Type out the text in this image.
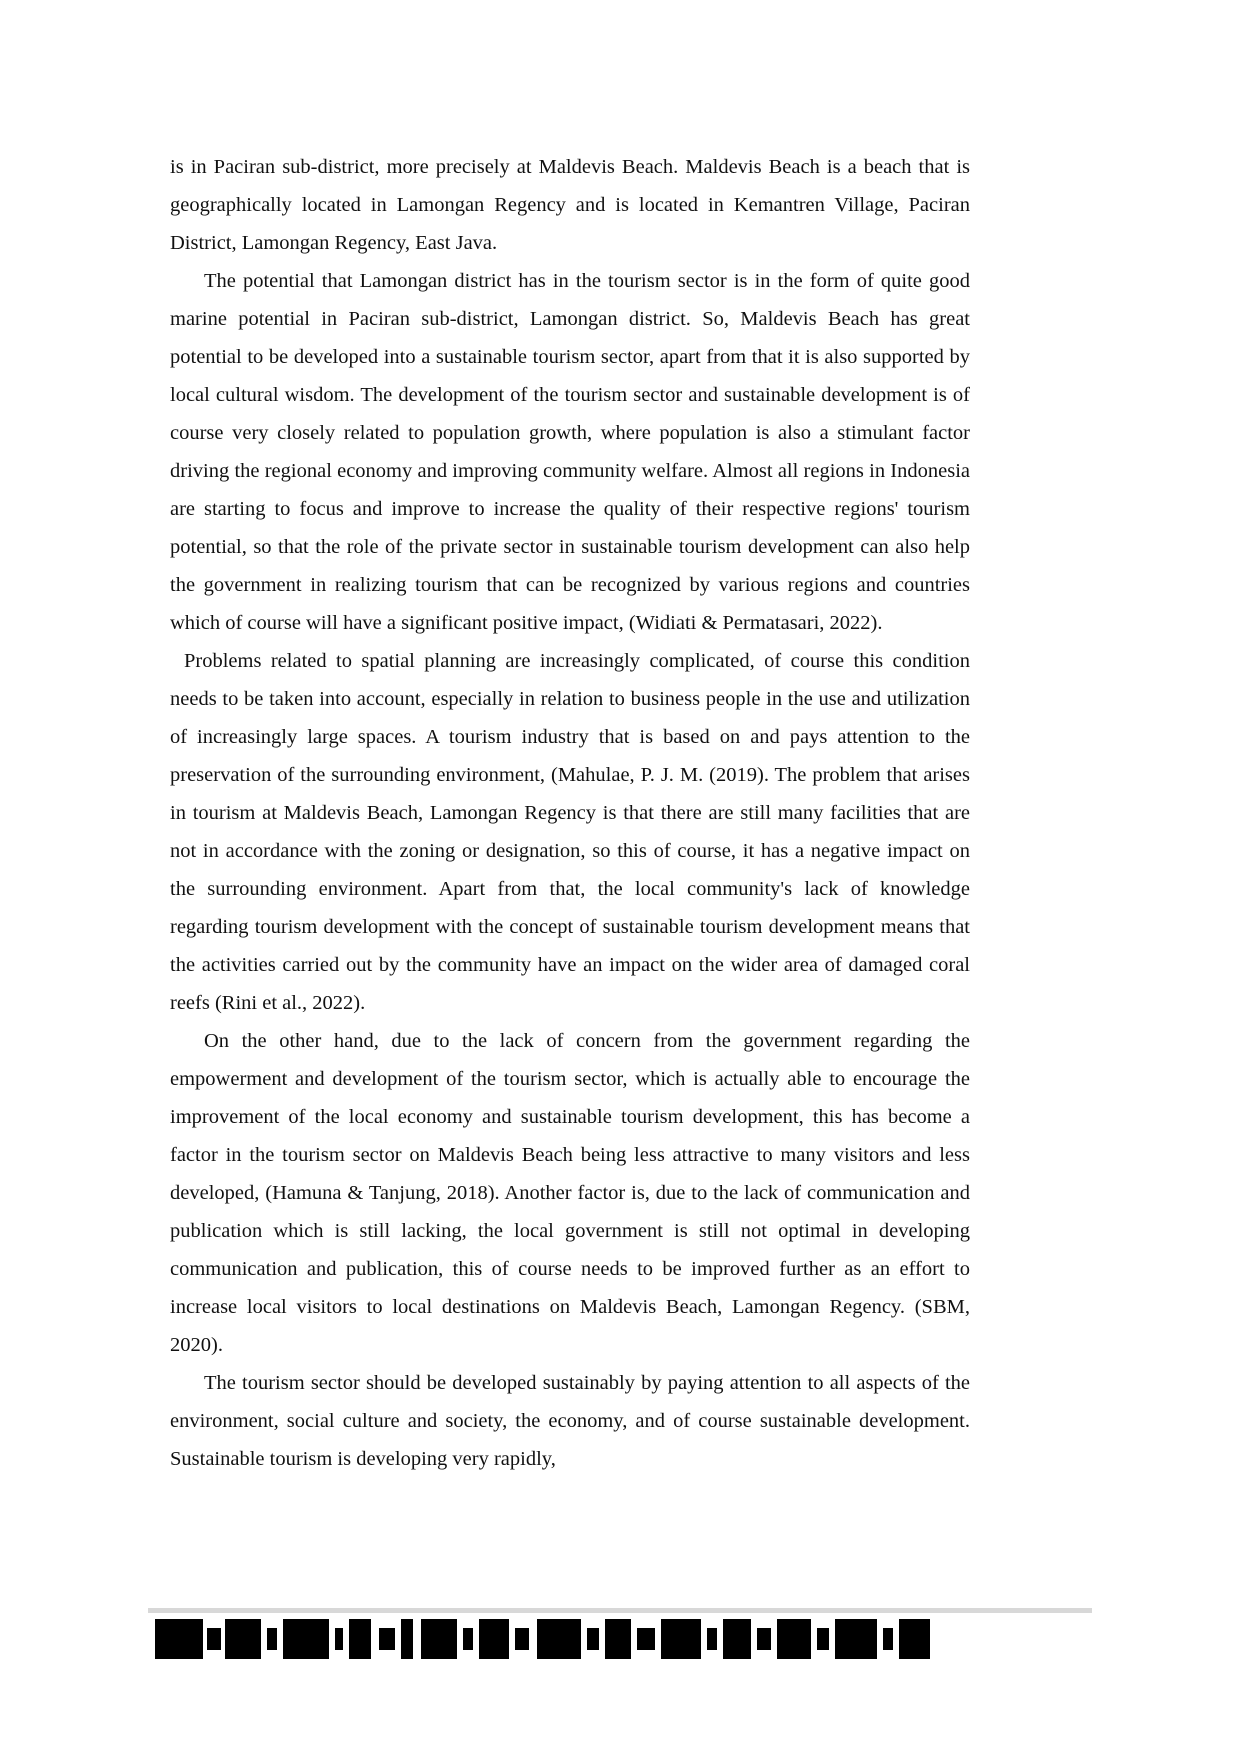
is in Paciran sub-district, more precisely at Maldevis Beach. Maldevis Beach is a beach that is geographically located in Lamongan Regency and is located in Kemantren Village, Paciran District, Lamongan Regency, East Java.

The potential that Lamongan district has in the tourism sector is in the form of quite good marine potential in Paciran sub-district, Lamongan district. So, Maldevis Beach has great potential to be developed into a sustainable tourism sector, apart from that it is also supported by local cultural wisdom. The development of the tourism sector and sustainable development is of course very closely related to population growth, where population is also a stimulant factor driving the regional economy and improving community welfare. Almost all regions in Indonesia are starting to focus and improve to increase the quality of their respective regions' tourism potential, so that the role of the private sector in sustainable tourism development can also help the government in realizing tourism that can be recognized by various regions and countries which of course will have a significant positive impact, (Widiati & Permatasari, 2022).

Problems related to spatial planning are increasingly complicated, of course this condition needs to be taken into account, especially in relation to business people in the use and utilization of increasingly large spaces. A tourism industry that is based on and pays attention to the preservation of the surrounding environment, (Mahulae, P. J. M. (2019). The problem that arises in tourism at Maldevis Beach, Lamongan Regency is that there are still many facilities that are not in accordance with the zoning or designation, so this of course, it has a negative impact on the surrounding environment. Apart from that, the local community's lack of knowledge regarding tourism development with the concept of sustainable tourism development means that the activities carried out by the community have an impact on the wider area of damaged coral reefs (Rini et al., 2022).

On the other hand, due to the lack of concern from the government regarding the empowerment and development of the tourism sector, which is actually able to encourage the improvement of the local economy and sustainable tourism development, this has become a factor in the tourism sector on Maldevis Beach being less attractive to many visitors and less developed, (Hamuna & Tanjung, 2018). Another factor is, due to the lack of communication and publication which is still lacking, the local government is still not optimal in developing communication and publication, this of course needs to be improved further as an effort to increase local visitors to local destinations on Maldevis Beach, Lamongan Regency. (SBM, 2020).

The tourism sector should be developed sustainably by paying attention to all aspects of the environment, social culture and society, the economy, and of course sustainable development. Sustainable tourism is developing very rapidly,
